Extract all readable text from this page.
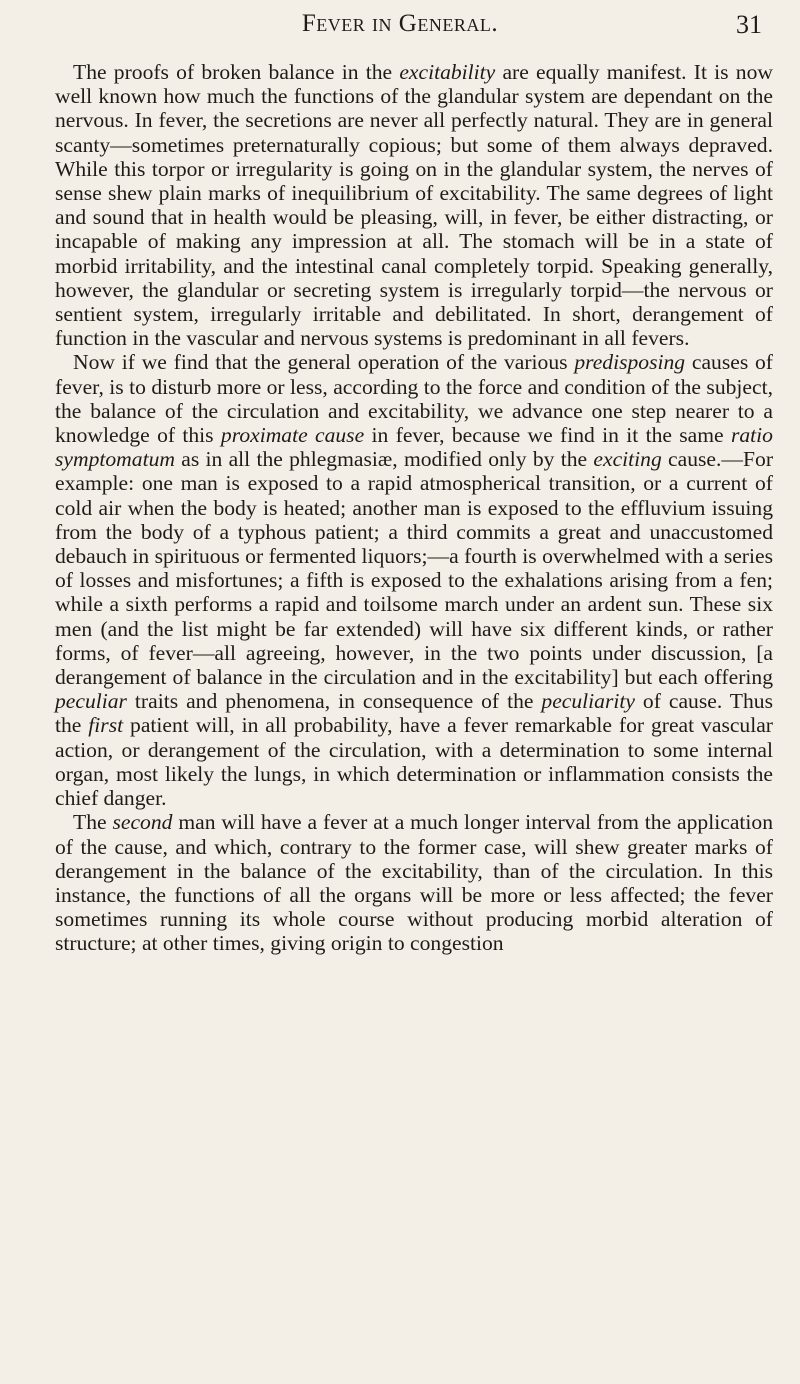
Fever in General.	31

The proofs of broken balance in the excitability are equally manifest. It is now well known how much the functions of the glandular system are dependant on the nervous. In fever, the secretions are never all perfectly natural. They are in general scanty—sometimes preternaturally copious; but some of them always depraved. While this torpor or irregularity is going on in the glandular system, the nerves of sense shew plain marks of inequilibrium of excitability. The same degrees of light and sound that in health would be pleasing, will, in fever, be either distracting, or incapable of making any impression at all. The stomach will be in a state of morbid irritability, and the intestinal canal completely torpid. Speaking generally, however, the glandular or secreting system is irregularly torpid—the nervous or sentient system, irregularly irritable and debilitated. In short, derangement of function in the vascular and nervous systems is predominant in all fevers.

Now if we find that the general operation of the various predisposing causes of fever, is to disturb more or less, according to the force and condition of the subject, the balance of the circulation and excitability, we advance one step nearer to a knowledge of this proximate cause in fever, because we find in it the same ratio symptomatum as in all the phlegmasiæ, modified only by the exciting cause.—For example: one man is exposed to a rapid atmospherical transition, or a current of cold air when the body is heated; another man is exposed to the effluvium issuing from the body of a typhous patient; a third commits a great and unaccustomed debauch in spirituous or fermented liquors;—a fourth is overwhelmed with a series of losses and misfortunes; a fifth is exposed to the exhalations arising from a fen; while a sixth performs a rapid and toilsome march under an ardent sun. These six men (and the list might be far extended) will have six different kinds, or rather forms, of fever—all agreeing, however, in the two points under discussion, [a derangement of balance in the circulation and in the excitability] but each offering peculiar traits and phenomena, in consequence of the peculiarity of cause. Thus the first patient will, in all probability, have a fever remarkable for great vascular action, or derangement of the circulation, with a determination to some internal organ, most likely the lungs, in which determination or inflammation consists the chief danger.

The second man will have a fever at a much longer interval from the application of the cause, and which, contrary to the former case, will shew greater marks of derangement in the balance of the excitability, than of the circulation. In this instance, the functions of all the organs will be more or less affected; the fever sometimes running its whole course without producing morbid alteration of structure; at other times, giving origin to congestion
